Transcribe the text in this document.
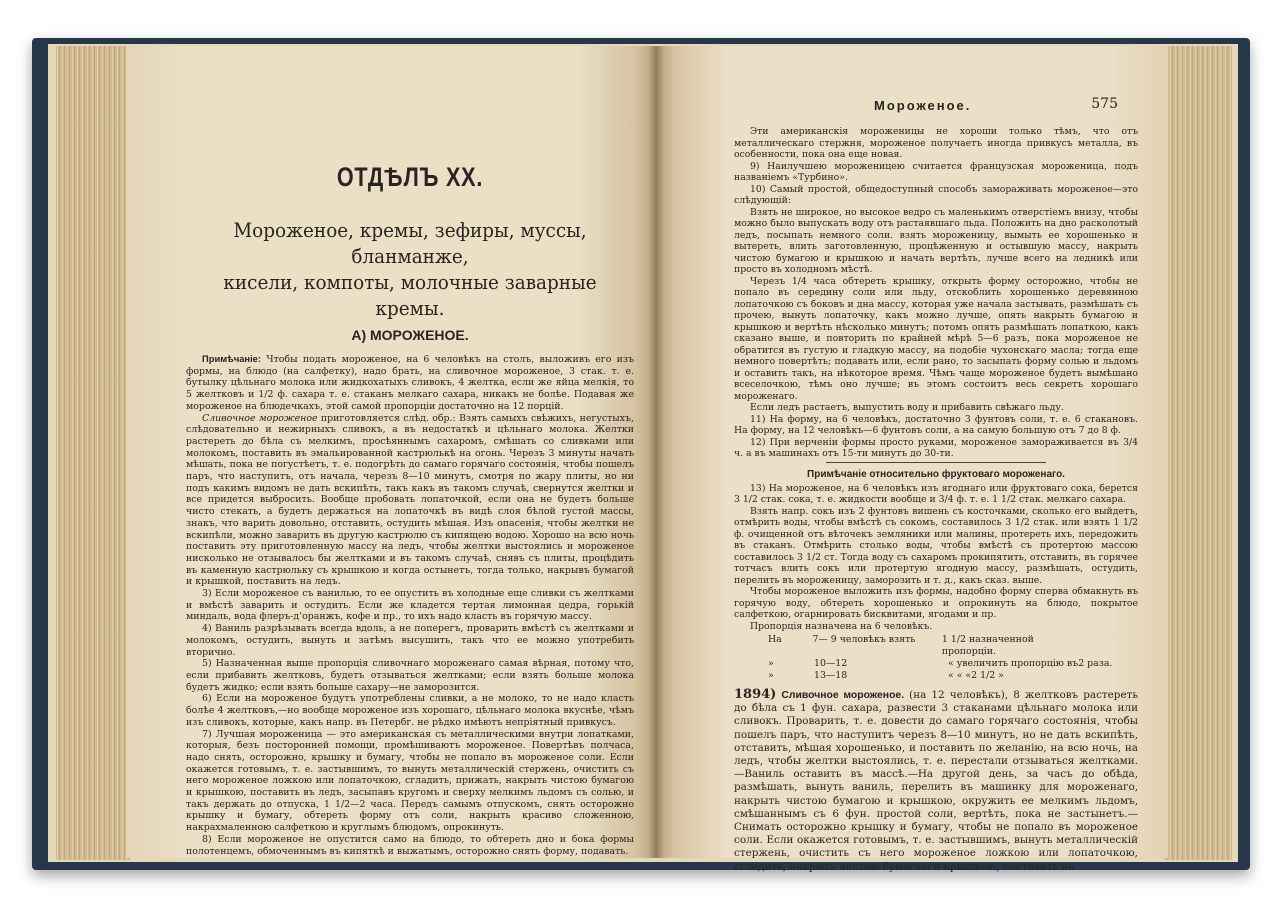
ОТДѢЛЪ XX.
Мороженое, кремы, зефиры, муссы, бланманже,
кисели, компоты, молочные заварные кремы.
А) МОРОЖЕНОЕ.

Примѣчаніе: Чтобы подать мороженое, на 6 человѣкъ на столъ, выложивъ его изъ формы, на блюдо (на салфетку), надо брать, на сливочное мороженое, 3 стак. т. е. бутылку цѣльнаго молока или жидкохатыхъ сливокъ, 4 желтка, если же яйца мелкія, то 5 желтковъ и 1/2 ф. сахара т. е. стаканъ мелкаго сахара, никакъ не болѣе. Подавая же мороженое на блюдечкахъ, этой самой пропорціи достаточно на 12 порцій.

Сливочное мороженое приготовляется слѣд. обр.: Взять самыхъ свѣжихъ, негустыхъ, слѣдовательно и нежирныхъ сливокъ, а въ недостаткѣ и цѣльнаго молока. Желтки растереть до бѣла съ мелкимъ, просѣяннымъ сахаромъ, смѣшать со сливками или молокомъ, поставить въ эмальированной кастрюлькѣ на огонь. Черезъ 3 минуты начать мѣшать, пока не погустѣетъ, т. е. подогрѣть до самаго горячаго состоянія, чтобы пошелъ паръ, что наступитъ, отъ начала, черезъ 8—10 минутъ, смотря по жару плиты, но ни подъ какимъ видомъ не дать вскипѣть, такъ какъ въ такомъ случаѣ, свернутся желтки и все придется выбросить. Вообще пробовать лопаточкой, если она не будетъ больше чисто стекать, а будетъ держаться на лопаточкѣ въ видѣ слоя бѣлой густой массы, знакъ, что варить довольно, отставить, остудить мѣшая. Изъ опасенія, чтобы желтки не вскипѣли, можно заварить въ другую кастрюлю съ кипящею водою. Хорошо на всю ночь поставить эту приготовленную массу на ледъ, чтобы желтки выстоялись и мороженое нисколько не отзывалось бы желтками и въ такомъ случаѣ, снявъ съ плиты, процѣдить въ каменную кастрюльку съ крышкою и когда остынетъ, тогда только, накрывъ бумагой и крышкой, поставить на ледъ.

3) Если мороженое съ ванилью, то ее опустить въ холодные еще сливки съ желтками и вмѣстѣ заварить и остудить. Если же кладется тертая лимонная цедра, горькій миндаль, вода флеръ-д’оранжъ, кофе и пр., то ихъ надо класть въ горячую массу.

4) Ваниль разрѣзывать всегда вдоль, а не поперегъ, проварить вмѣстѣ съ желтками и молокомъ, остудить, вынуть и затѣмъ высушить, такъ что ее можно употребить вторично.

5) Назначенная выше пропорція сливочнаго мороженаго самая вѣрная, потому что, если прибавить желтковъ, будетъ отзываться желтками; если взять больше молока будетъ жидко; если взять больше сахару—не заморозится.

6) Если на мороженое будутъ употреблены сливки, а не молоко, то не надо класть болѣе 4 желтковъ,—но вообще мороженое изъ хорошаго, цѣльнаго молока вкуснѣе, чѣмъ изъ сливокъ, которые, какъ напр. въ Петербг. не рѣдко имѣютъ непріятный привкусъ.

7) Лучшая мороженица — это американская съ металлическими внутри лопатками, которыя, безъ посторонней помощи, промѣшиваютъ мороженое. Повертѣвъ полчаса, надо снять, осторожно, крышку и бумагу, чтобы не попало въ мороженое соли. Если окажется готовымъ, т. е. застывшимъ, то вынуть металлическій стержень, очистить съ него мороженое ложкою или лопаточкою, сгладить, прижать, накрыть чистою бумагою и крышкою, поставить въ ледъ, засыпавъ кругомъ и сверху мелкимъ льдомъ съ солью, и такъ держать до отпуска, 1 1/2—2 часа. Передъ самымъ отпускомъ, снять осторожно крышку и бумагу, обтереть форму отъ соли, накрыть красиво сложенною, накрахмаленною салфеткою и круглымъ блюдомъ, опрокинуть.

8) Если мороженое не опустится само на блюдо, то обтереть дно и бока формы полотенцемъ, обмоченнымъ въ кипяткѣ и выжатымъ, осторожно снять форму, подавать.

Мороженое.	575

Эти американскія мороженицы не хороши только тѣмъ, что отъ металлическаго стержня, мороженое получаетъ иногда привкусъ металла, въ особенности, пока она еще новая.

9) Наилучшею мороженицею считается французская мороженица, подъ названіемъ «Турбино».

10) Самый простой, общедоступный способъ замораживать мороженое—это слѣдующій:

Взять не широкое, но высокое ведро съ маленькимъ отверстіемъ внизу, чтобы можно было выпускать воду отъ растаявшаго льда. Положить на дно расколотый ледъ, посыпать немного соли. взять мороженицу, вымыть ее хорошенько и вытереть, влить заготовленную, процѣженную и остывшую массу, накрыть чистою бумагою и крышкою и начать вертѣть, лучше всего на ледникѣ или просто въ холодномъ мѣстѣ.

Черезъ 1/4 часа обтереть крышку, открыть форму осторожно, чтобы не попало въ середину соли или льду, отскоблить хорошенько деревянною лопаточкою съ боковъ и дна массу, которая уже начала застывать, размѣшать съ прочею, вынуть лопаточку, какъ можно лучше, опять накрыть бумагою и крышкою и вертѣть нѣсколько минутъ; потомъ опять размѣшать лопаткою, какъ сказано выше, и повторить по крайней мѣрѣ 5—6 разъ, пока мороженое не обратится въ густую и гладкую массу, на подобіе чухонскаго масла; тогда еще немного повертѣть; подавать или, если рано, то засыпать форму солью и льдомъ и оставить такъ, на нѣкоторое время. Чѣмъ чаще мороженое будетъ вымѣшано всеселочкою, тѣмъ оно лучше; въ этомъ состоитъ весь секретъ хорошаго мороженаго.

Если ледъ растаетъ, выпустить воду и прибавить свѣжаго льду.

11) На форму, на 6 человѣкъ, достаточно 3 фунтовъ соли, т. е. 6 стакановъ. На форму, на 12 человѣкъ—6 фунтовъ соли, а на самую большую отъ 7 до 8 ф.

12) При верченіи формы просто руками, мороженое замораживается въ 3/4 ч. а въ машинахъ отъ 15-ти минутъ до 30-ти.

Примѣчаніе относительно фруктоваго мороженаго.

13) На мороженое, на 6 человѣкъ изъ ягоднаго или фруктоваго сока, берется 3 1/2 стак. сока, т. е. жидкости вообще и 3/4 ф. т. е. 1 1/2 стак. мелкаго сахара.

Взять напр. сокъ изъ 2 фунтовъ вишень съ косточками, сколько его выйдетъ, отмѣрить воды, чтобы вмѣстѣ съ сокомъ, составилось 3 1/2 стак. или взять 1 1/2 ф. очищенной отъ вѣточекъ земляники или малины, протереть ихъ, передожить въ стаканъ. Отмѣрить столько воды, чтобы вмѣстѣ съ протертою массою составилось 3 1/2 ст. Тогда воду съ сахаромъ прокипятить, отставить, въ горячее тотчасъ влить сокъ или протертую ягодную массу, размѣшать, остудить, перелить въ мороженицу, заморозить и т. д., какъ сказ. выше.

Чтобы мороженое выложить изъ формы, надобно форму сперва обмакнуть въ горячую воду, обтереть хорошенько и опрокинуть на блюдо, покрытое салфеткою, огарнировать бисквитами, ягодами и пр.

Пропорція назначена на 6 человѣкъ.

На	7— 9 человѣкъ взять	1 1/2 назначенной пропорціи.
»	10—12	« увеличить пропорцію въ 2 раза.
»	13—18	« « « 2 1/2 »

1894) Сливочное мороженое. (на 12 человѣкъ), 8 желтковъ растереть до бѣла съ 1 фун. сахара, развести 3 стаканами цѣльнаго молока или сливокъ. Проварить, т. е. довести до самаго горячаго состоянія, чтобы пошелъ паръ, что наступитъ черезъ 8—10 минутъ, но не дать вскипѣть, отставить, мѣшая хорошенько, и поставить по желанію, на всю ночь, на ледъ, чтобы желтки выстоялись, т. е. перестали отзываться желтками.—Ваниль оставить въ массѣ.—На другой день, за часъ до обѣда, размѣшать, вынуть ваниль, перелить въ машинку для мороженаго, накрыть чистою бумагою и крышкою, окружить ее мелкимъ льдомъ, смѣшаннымъ съ 6 фун. простой соли, вертѣть, пока не застынетъ.—Снимать осторожно крышку и бумагу, чтобы не попало въ мороженое соли. Если окажется готовымъ, т. е. застывшимъ, вынуть металлическій стержень, очистить съ него мороженое ложкою или лопаточкою, сгладить, накрыть чистою бумагою и крышкою, поставить на
